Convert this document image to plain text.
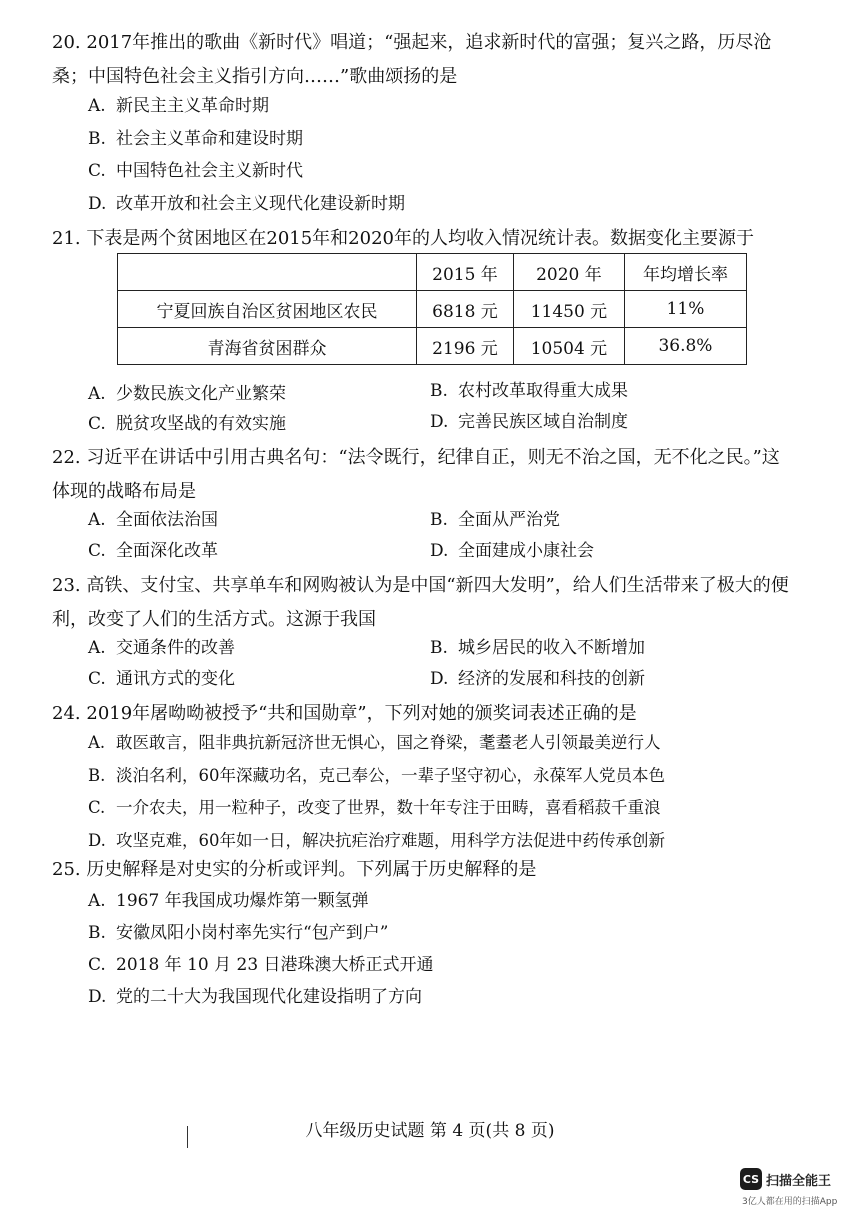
20. 2017年推出的歌曲《新时代》唱道；“强起来，追求新时代的富强；复兴之路，历尽沧桑；中国特色社会主义指引方向……”歌曲颂扬的是
A. 新民主主义革命时期
B. 社会主义革命和建设时期
C. 中国特色社会主义新时代
D. 改革开放和社会主义现代化建设新时期
21. 下表是两个贫困地区在2015年和2020年的人均收入情况统计表。数据变化主要源于
	2015 年	2020 年	年均增长率
宁夏回族自治区贫困地区农民	6818 元	11450 元	11%
青海省贫困群众	2196 元	10504 元	36.8%
A. 少数民族文化产业繁荣	B. 农村改革取得重大成果
C. 脱贫攻坚战的有效实施	D. 完善民族区域自治制度
22. 习近平在讲话中引用古典名句：“法令既行，纪律自正，则无不治之国，无不化之民。”这体现的战略布局是
A. 全面依法治国	B. 全面从严治党
C. 全面深化改革	D. 全面建成小康社会
23. 高铁、支付宝、共享单车和网购被认为是中国“新四大发明”，给人们生活带来了极大的便利，改变了人们的生活方式。这源于我国
A. 交通条件的改善	B. 城乡居民的收入不断增加
C. 通讯方式的变化	D. 经济的发展和科技的创新
24. 2019年屠呦呦被授予“共和国勋章”，下列对她的颁奖词表述正确的是
A. 敢医敢言，阻非典抗新冠济世无惧心，国之脊梁，耄耋老人引领最美逆行人
B. 淡泊名利，60年深藏功名，克己奉公，一辈子坚守初心，永葆军人党员本色
C. 一介农夫，用一粒种子，改变了世界，数十年专注于田畴，喜看稻菽千重浪
D. 攻坚克难，60年如一日，解决抗疟治疗难题，用科学方法促进中药传承创新
25. 历史解释是对史实的分析或评判。下列属于历史解释的是
A. 1967 年我国成功爆炸第一颗氢弹
B. 安徽凤阳小岗村率先实行“包产到户”
C. 2018 年 10 月 23 日港珠澳大桥正式开通
D. 党的二十大为我国现代化建设指明了方向
八年级历史试题 第 4 页(共 8 页)
CS 扫描全能王
3亿人都在用的扫描App
